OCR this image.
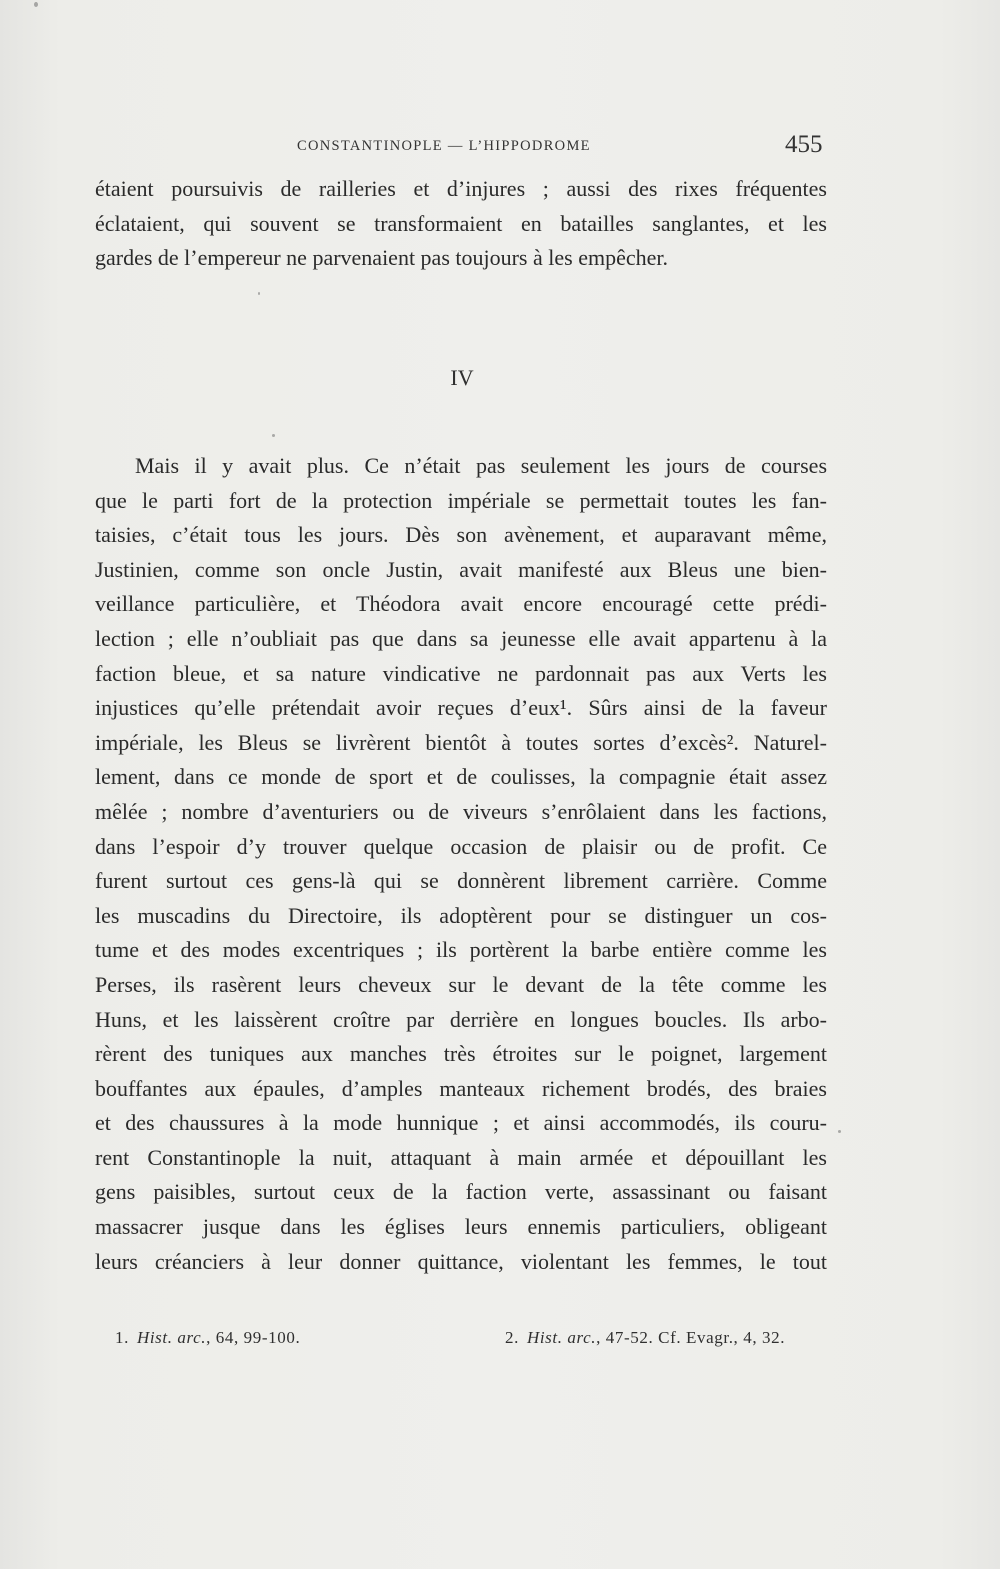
CONSTANTINOPLE — L’HIPPODROME	455
étaient poursuivis de railleries et d’injures ; aussi des rixes fréquentes
éclataient, qui souvent se transformaient en batailles sanglantes, et les
gardes de l’empereur ne parvenaient pas toujours à les empêcher.
IV
Mais il y avait plus. Ce n’était pas seulement les jours de courses
que le parti fort de la protection impériale se permettait toutes les fan-
taisies, c’était tous les jours. Dès son avènement, et auparavant même,
Justinien, comme son oncle Justin, avait manifesté aux Bleus une bien-
veillance particulière, et Théodora avait encore encouragé cette prédi-
lection ; elle n’oubliait pas que dans sa jeunesse elle avait appartenu à la
faction bleue, et sa nature vindicative ne pardonnait pas aux Verts les
injustices qu’elle prétendait avoir reçues d’eux¹. Sûrs ainsi de la faveur
impériale, les Bleus se livrèrent bientôt à toutes sortes d’excès². Naturel-
lement, dans ce monde de sport et de coulisses, la compagnie était assez
mêlée ; nombre d’aventuriers ou de viveurs s’enrôlaient dans les factions,
dans l’espoir d’y trouver quelque occasion de plaisir ou de profit. Ce
furent surtout ces gens-là qui se donnèrent librement carrière. Comme
les muscadins du Directoire, ils adoptèrent pour se distinguer un cos-
tume et des modes excentriques ; ils portèrent la barbe entière comme les
Perses, ils rasèrent leurs cheveux sur le devant de la tête comme les
Huns, et les laissèrent croître par derrière en longues boucles. Ils arbo-
rèrent des tuniques aux manches très étroites sur le poignet, largement
bouffantes aux épaules, d’amples manteaux richement brodés, des braies
et des chaussures à la mode hunnique ; et ainsi accommodés, ils couru-
rent Constantinople la nuit, attaquant à main armée et dépouillant les
gens paisibles, surtout ceux de la faction verte, assassinant ou faisant
massacrer jusque dans les églises leurs ennemis particuliers, obligeant
leurs créanciers à leur donner quittance, violentant les femmes, le tout
1. Hist. arc., 64, 99-100.	2. Hist. arc., 47-52. Cf. Evagr., 4, 32.
